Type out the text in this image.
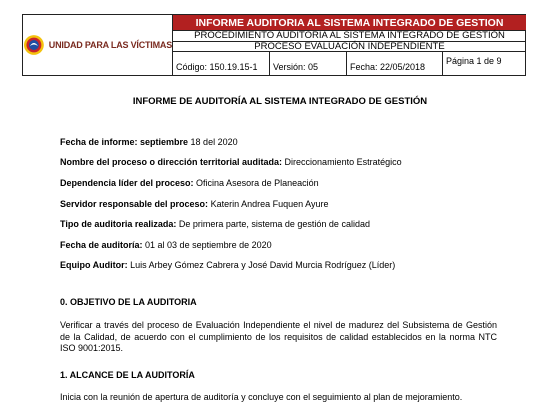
UNIDAD PARA LAS VÍCTIMAS
INFORME AUDITORIA AL SISTEMA INTEGRADO DE GESTION
PROCEDIMIENTO AUDITORIA AL SISTEMA INTEGRADO DE GESTIÓN
PROCESO EVALUACIÓN INDEPENDIENTE
Código: 150.19.15-1	Versión: 05	Fecha: 22/05/2018
Página 1 de 9
INFORME DE AUDITORÍA AL SISTEMA INTEGRADO DE GESTIÓN
Fecha de informe: septiembre 18 del 2020
Nombre del proceso o dirección territorial auditada: Direccionamiento Estratégico
Dependencia líder del proceso: Oficina Asesora de Planeación
Servidor responsable del proceso: Katerin Andrea Fuquen Ayure
Tipo de auditoria realizada: De primera parte, sistema de gestión de calidad
Fecha de auditoría: 01 al 03 de septiembre de 2020
Equipo Auditor: Luis Arbey Gómez Cabrera y José David Murcia Rodríguez (Líder)
0. OBJETIVO DE LA AUDITORIA
Verificar a través del proceso de Evaluación Independiente el nivel de madurez del Subsistema de Gestión de la Calidad, de acuerdo con el cumplimiento de los requisitos de calidad establecidos en la norma NTC ISO 9001:2015.
1. ALCANCE DE LA AUDITORÍA
Inicia con la reunión de apertura de auditoría y concluye con el seguimiento al plan de mejoramiento.
